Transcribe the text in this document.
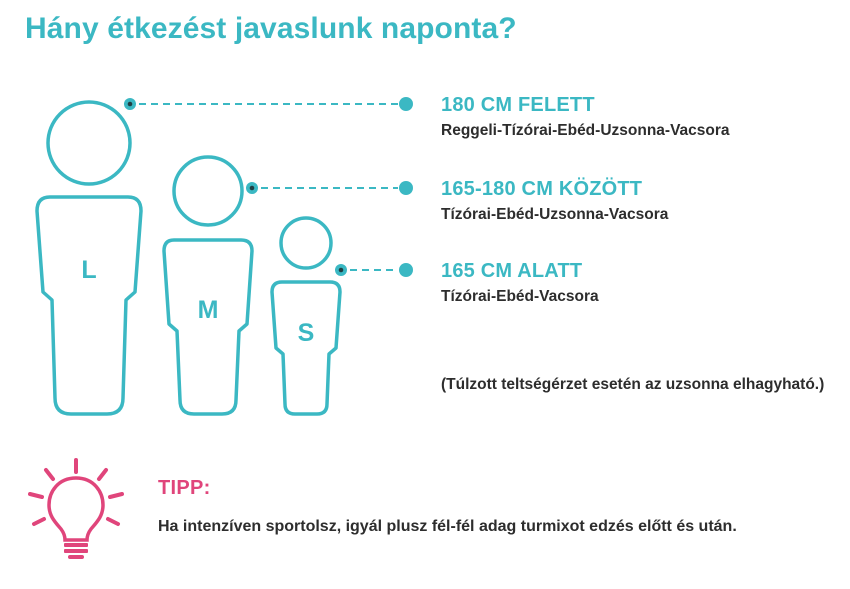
Hány étkezést javaslunk naponta?
L
M
S
180 CM FELETT
Reggeli-Tízórai-Ebéd-Uzsonna-Vacsora
165-180 CM KÖZÖTT
Tízórai-Ebéd-Uzsonna-Vacsora
165 CM ALATT
Tízórai-Ebéd-Vacsora
(Túlzott teltségérzet esetén az uzsonna elhagyható.)
TIPP:
Ha intenzíven sportolsz, igyál plusz fél-fél adag turmixot edzés előtt és után.
